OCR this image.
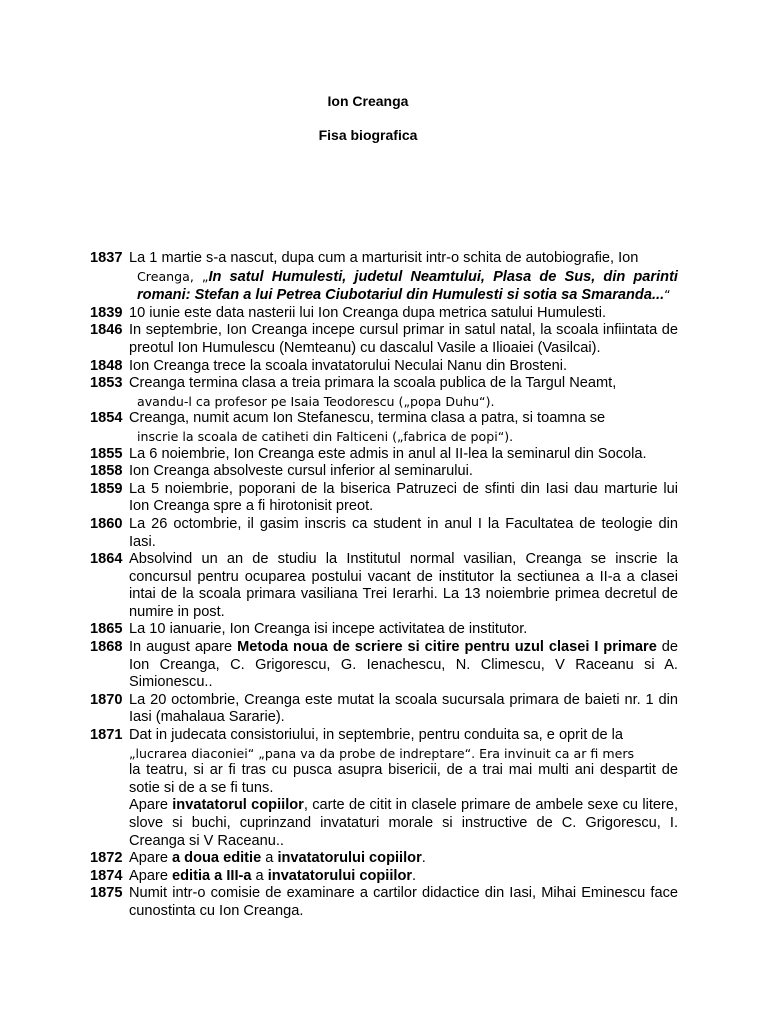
Ion Creanga
Fisa biografica
1837 La 1 martie s-a nascut, dupa cum a marturisit intr-o schita de autobiografie, Ion
Creanga, „In satul Humulesti, judetul Neamtului, Plasa de Sus, din parinti romani: Stefan a lui Petrea Ciubotariul din Humulesti si sotia sa Smaranda...“
1839 10 iunie este data nasterii lui Ion Creanga dupa metrica satului Humulesti.
1846 In septembrie, Ion Creanga incepe cursul primar in satul natal, la scoala infiintata de preotul Ion Humulescu (Nemteanu) cu dascalul Vasile a Ilioaiei (Vasilcai).
1848 Ion Creanga trece la scoala invatatorului Neculai Nanu din Brosteni.
1853 Creanga termina clasa a treia primara la scoala publica de la Targul Neamt,
avandu-l ca profesor pe Isaia Teodorescu („popa Duhu“).
1854 Creanga, numit acum Ion Stefanescu, termina clasa a patra, si toamna se
inscrie la scoala de catiheti din Falticeni („fabrica de popi“).
1855 La 6 noiembrie, Ion Creanga este admis in anul al II-lea la seminarul din Socola.
1858 Ion Creanga absolveste cursul inferior al seminarului.
1859 La 5 noiembrie, poporani de la biserica Patruzeci de sfinti din Iasi dau marturie lui Ion Creanga spre a fi hirotonisit preot.
1860 La 26 octombrie, il gasim inscris ca student in anul I la Facultatea de teologie din Iasi.
1864 Absolvind un an de studiu la Institutul normal vasilian, Creanga se inscrie la concursul pentru ocuparea postului vacant de institutor la sectiunea a II-a a clasei intai de la scoala primara vasiliana Trei Ierarhi. La 13 noiembrie primea decretul de numire in post.
1865 La 10 ianuarie, Ion Creanga isi incepe activitatea de institutor.
1868 In august apare Metoda noua de scriere si citire pentru uzul clasei I primare de Ion Creanga, C. Grigorescu, G. Ienachescu, N. Climescu, V Raceanu si A. Simionescu..
1870 La 20 octombrie, Creanga este mutat la scoala sucursala primara de baieti nr. 1 din Iasi (mahalaua Sararie).
1871 Dat in judecata consistoriului, in septembrie, pentru conduita sa, e oprit de la
„lucrarea diaconiei“ „pana va da probe de indreptare“. Era invinuit ca ar fi mers
la teatru, si ar fi tras cu pusca asupra bisericii, de a trai mai multi ani despartit de sotie si de a se fi tuns.
Apare invatatorul copiilor, carte de citit in clasele primare de ambele sexe cu litere, slove si buchi, cuprinzand invataturi morale si instructive de C. Grigorescu, I. Creanga si V Raceanu..
1872 Apare a doua editie a invatatorului copiilor.
1874 Apare editia a III-a a invatatorului copiilor.
1875 Numit intr-o comisie de examinare a cartilor didactice din Iasi, Mihai Eminescu face cunostinta cu Ion Creanga.
